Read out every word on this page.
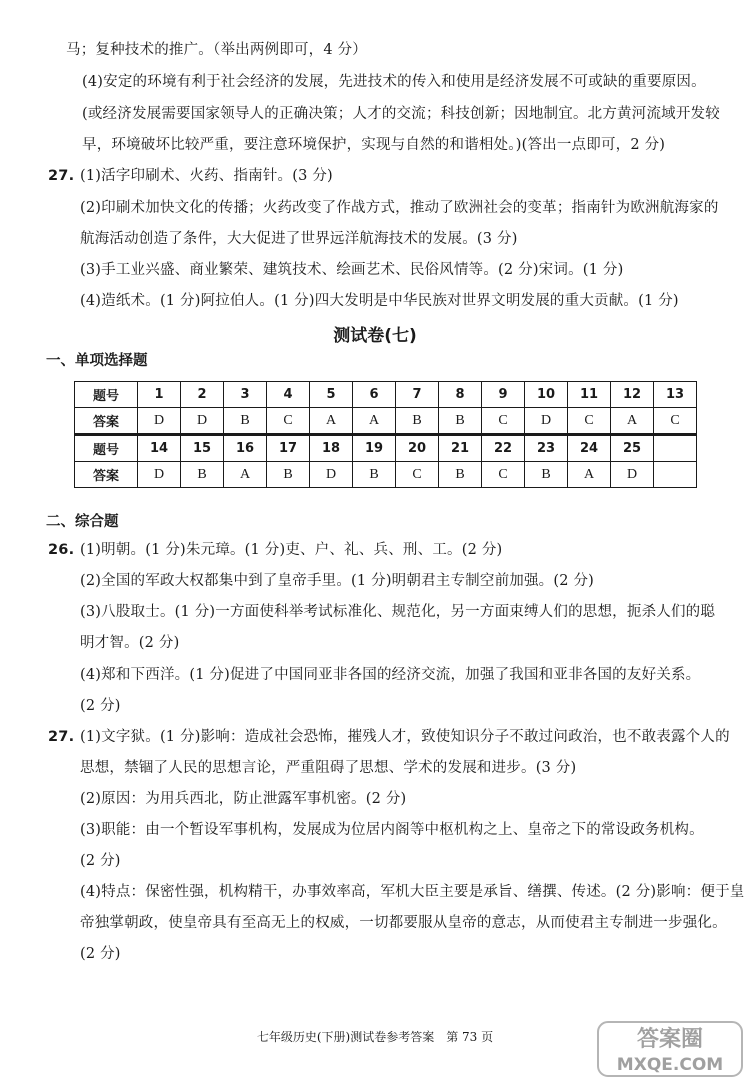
马；复种技术的推广。（举出两例即可，4 分）
(4)安定的环境有利于社会经济的发展，先进技术的传入和使用是经济发展不可或缺的重要原因。
(或经济发展需要国家领导人的正确决策；人才的交流；科技创新；因地制宜。北方黄河流域开发较
早，环境破坏比较严重，要注意环境保护，实现与自然的和谐相处。)(答出一点即可，2 分)
27. (1)活字印刷术、火药、指南针。(3 分)
(2)印刷术加快文化的传播；火药改变了作战方式，推动了欧洲社会的变革；指南针为欧洲航海家的
航海活动创造了条件，大大促进了世界远洋航海技术的发展。(3 分)
(3)手工业兴盛、商业繁荣、建筑技术、绘画艺术、民俗风情等。(2 分)宋词。(1 分)
(4)造纸术。(1 分)阿拉伯人。(1 分)四大发明是中华民族对世界文明发展的重大贡献。(1 分)
测试卷(七)
一、单项选择题
题号	1	2	3	4	5	6	7	8	9	10	11	12	13
答案	D	D	B	C	A	A	B	B	C	D	C	A	C
题号	14	15	16	17	18	19	20	21	22	23	24	25	
答案	D	B	A	B	D	B	C	B	C	B	A	D	
二、综合题
26. (1)明朝。(1 分)朱元璋。(1 分)吏、户、礼、兵、刑、工。(2 分)
(2)全国的军政大权都集中到了皇帝手里。(1 分)明朝君主专制空前加强。(2 分)
(3)八股取士。(1 分)一方面使科举考试标准化、规范化，另一方面束缚人们的思想，扼杀人们的聪
明才智。(2 分)
(4)郑和下西洋。(1 分)促进了中国同亚非各国的经济交流，加强了我国和亚非各国的友好关系。
(2 分)
27. (1)文字狱。(1 分)影响：造成社会恐怖，摧残人才，致使知识分子不敢过问政治，也不敢表露个人的
思想，禁锢了人民的思想言论，严重阻碍了思想、学术的发展和进步。(3 分)
(2)原因：为用兵西北，防止泄露军事机密。(2 分)
(3)职能：由一个暂设军事机构，发展成为位居内阁等中枢机构之上、皇帝之下的常设政务机构。
(2 分)
(4)特点：保密性强，机构精干，办事效率高，军机大臣主要是承旨、缮撰、传述。(2 分)影响：便于皇
帝独掌朝政，使皇帝具有至高无上的权威，一切都要服从皇帝的意志，从而使君主专制进一步强化。
(2 分)
七年级历史(下册)测试卷参考答案　第 73 页	答案圈
MXQE.COM
